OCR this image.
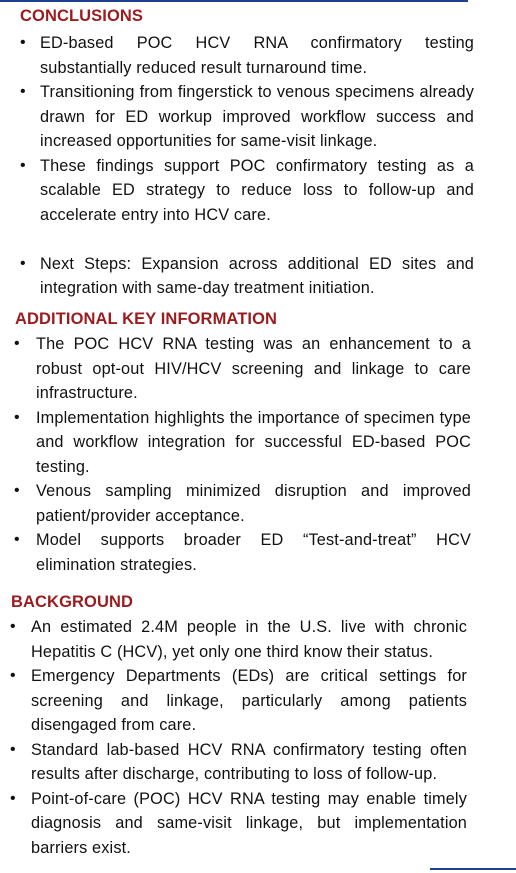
CONCLUSIONS
• ED-based POC HCV RNA confirmatory testing substantially reduced result turnaround time.
• Transitioning from fingerstick to venous specimens already drawn for ED workup improved workflow success and increased opportunities for same-visit linkage.
• These findings support POC confirmatory testing as a scalable ED strategy to reduce loss to follow-up and accelerate entry into HCV care.
• Next Steps: Expansion across additional ED sites and integration with same-day treatment initiation.
ADDITIONAL KEY INFORMATION
• The POC HCV RNA testing was an enhancement to a robust opt-out HIV/HCV screening and linkage to care infrastructure.
• Implementation highlights the importance of specimen type and workflow integration for successful ED-based POC testing.
• Venous sampling minimized disruption and improved patient/provider acceptance.
• Model supports broader ED “Test-and-treat” HCV elimination strategies.
BACKGROUND
• An estimated 2.4M people in the U.S. live with chronic Hepatitis C (HCV), yet only one third know their status.
• Emergency Departments (EDs) are critical settings for screening and linkage, particularly among patients disengaged from care.
• Standard lab-based HCV RNA confirmatory testing often results after discharge, contributing to loss of follow-up.
• Point-of-care (POC) HCV RNA testing may enable timely diagnosis and same-visit linkage, but implementation barriers exist.
